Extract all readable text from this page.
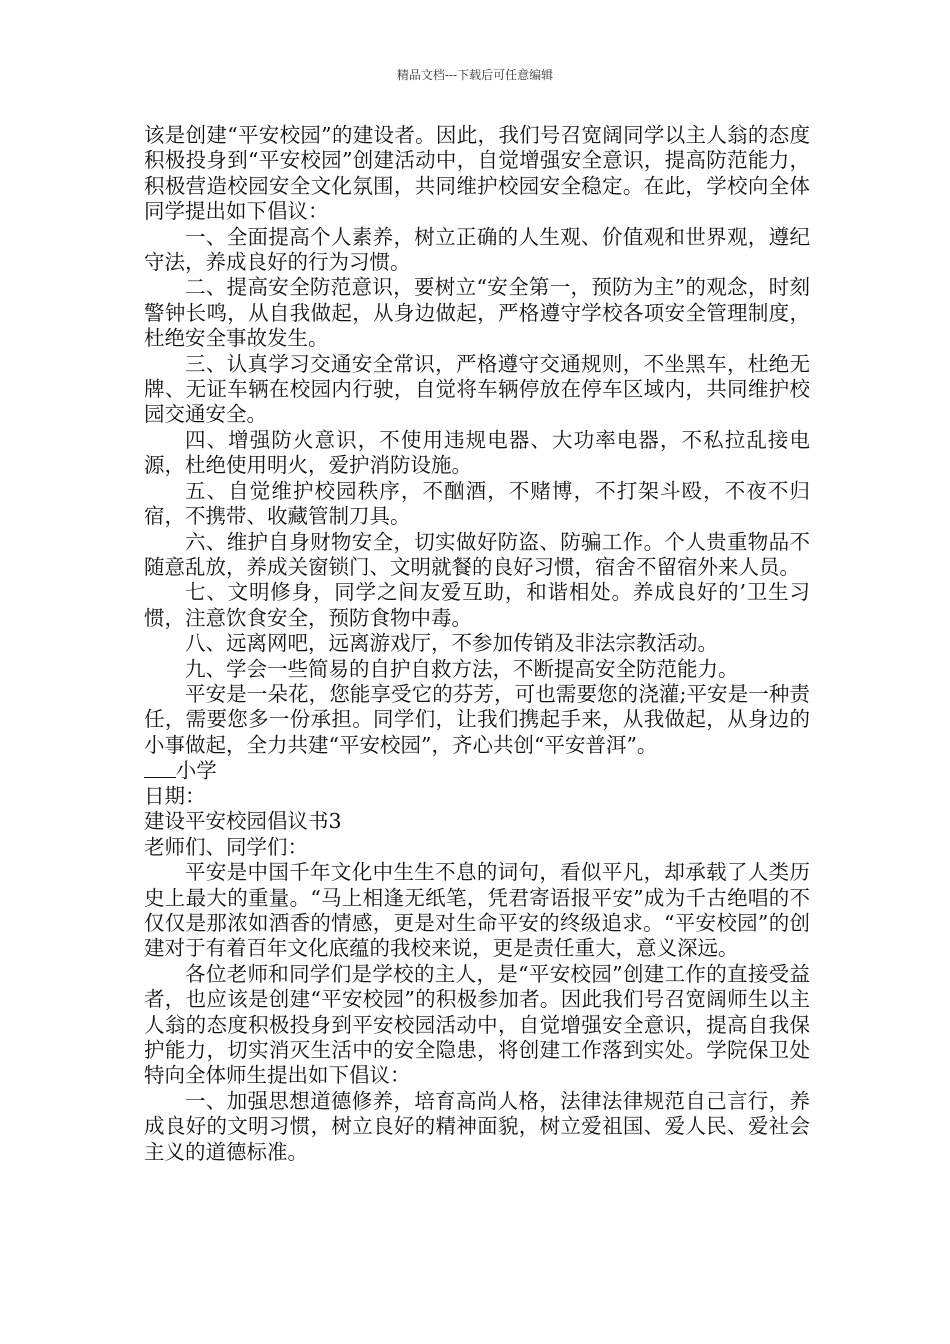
精品文档---下载后可任意编辑

该是创建“平安校园”的建设者。因此，我们号召宽阔同学以主人翁的态度积极投身到“平安校园”创建活动中，自觉增强安全意识，提高防范能力，积极营造校园安全文化氛围，共同维护校园安全稳定。在此，学校向全体同学提出如下倡议：

一、全面提高个人素养，树立正确的人生观、价值观和世界观，遵纪守法，养成良好的行为习惯。

二、提高安全防范意识，要树立“安全第一，预防为主”的观念，时刻警钟长鸣，从自我做起，从身边做起，严格遵守学校各项安全管理制度，杜绝安全事故发生。

三、认真学习交通安全常识，严格遵守交通规则，不坐黑车，杜绝无牌、无证车辆在校园内行驶，自觉将车辆停放在停车区域内，共同维护校园交通安全。

四、增强防火意识，不使用违规电器、大功率电器，不私拉乱接电源，杜绝使用明火，爱护消防设施。

五、自觉维护校园秩序，不酗酒，不赌博，不打架斗殴，不夜不归宿，不携带、收藏管制刀具。

六、维护自身财物安全，切实做好防盗、防骗工作。个人贵重物品不随意乱放，养成关窗锁门、文明就餐的良好习惯，宿舍不留宿外来人员。

七、文明修身，同学之间友爱互助，和谐相处。养成良好的’卫生习惯，注意饮食安全，预防食物中毒。

八、远离网吧，远离游戏厅，不参加传销及非法宗教活动。

九、学会一些简易的自护自救方法，不断提高安全防范能力。

平安是一朵花，您能享受它的芬芳，可也需要您的浇灌;平安是一种责任，需要您多一份承担。同学们，让我们携起手来，从我做起，从身边的小事做起，全力共建“平安校园”，齐心共创“平安普洱”。

小学

日期：

建设平安校园倡议书3

老师们、同学们：

平安是中国千年文化中生生不息的词句，看似平凡，却承载了人类历史上最大的重量。“马上相逢无纸笔，凭君寄语报平安”成为千古绝唱的不仅仅是那浓如酒香的情感，更是对生命平安的终级追求。“平安校园”的创建对于有着百年文化底蕴的我校来说，更是责任重大，意义深远。

各位老师和同学们是学校的主人，是“平安校园”创建工作的直接受益者，也应该是创建“平安校园”的积极参加者。因此我们号召宽阔师生以主人翁的态度积极投身到平安校园活动中，自觉增强安全意识，提高自我保护能力，切实消灭生活中的安全隐患，将创建工作落到实处。学院保卫处特向全体师生提出如下倡议：

一、加强思想道德修养，培育高尚人格，法律法律规范自己言行，养成良好的文明习惯，树立良好的精神面貌，树立爱祖国、爱人民、爱社会主义的道德标准。
